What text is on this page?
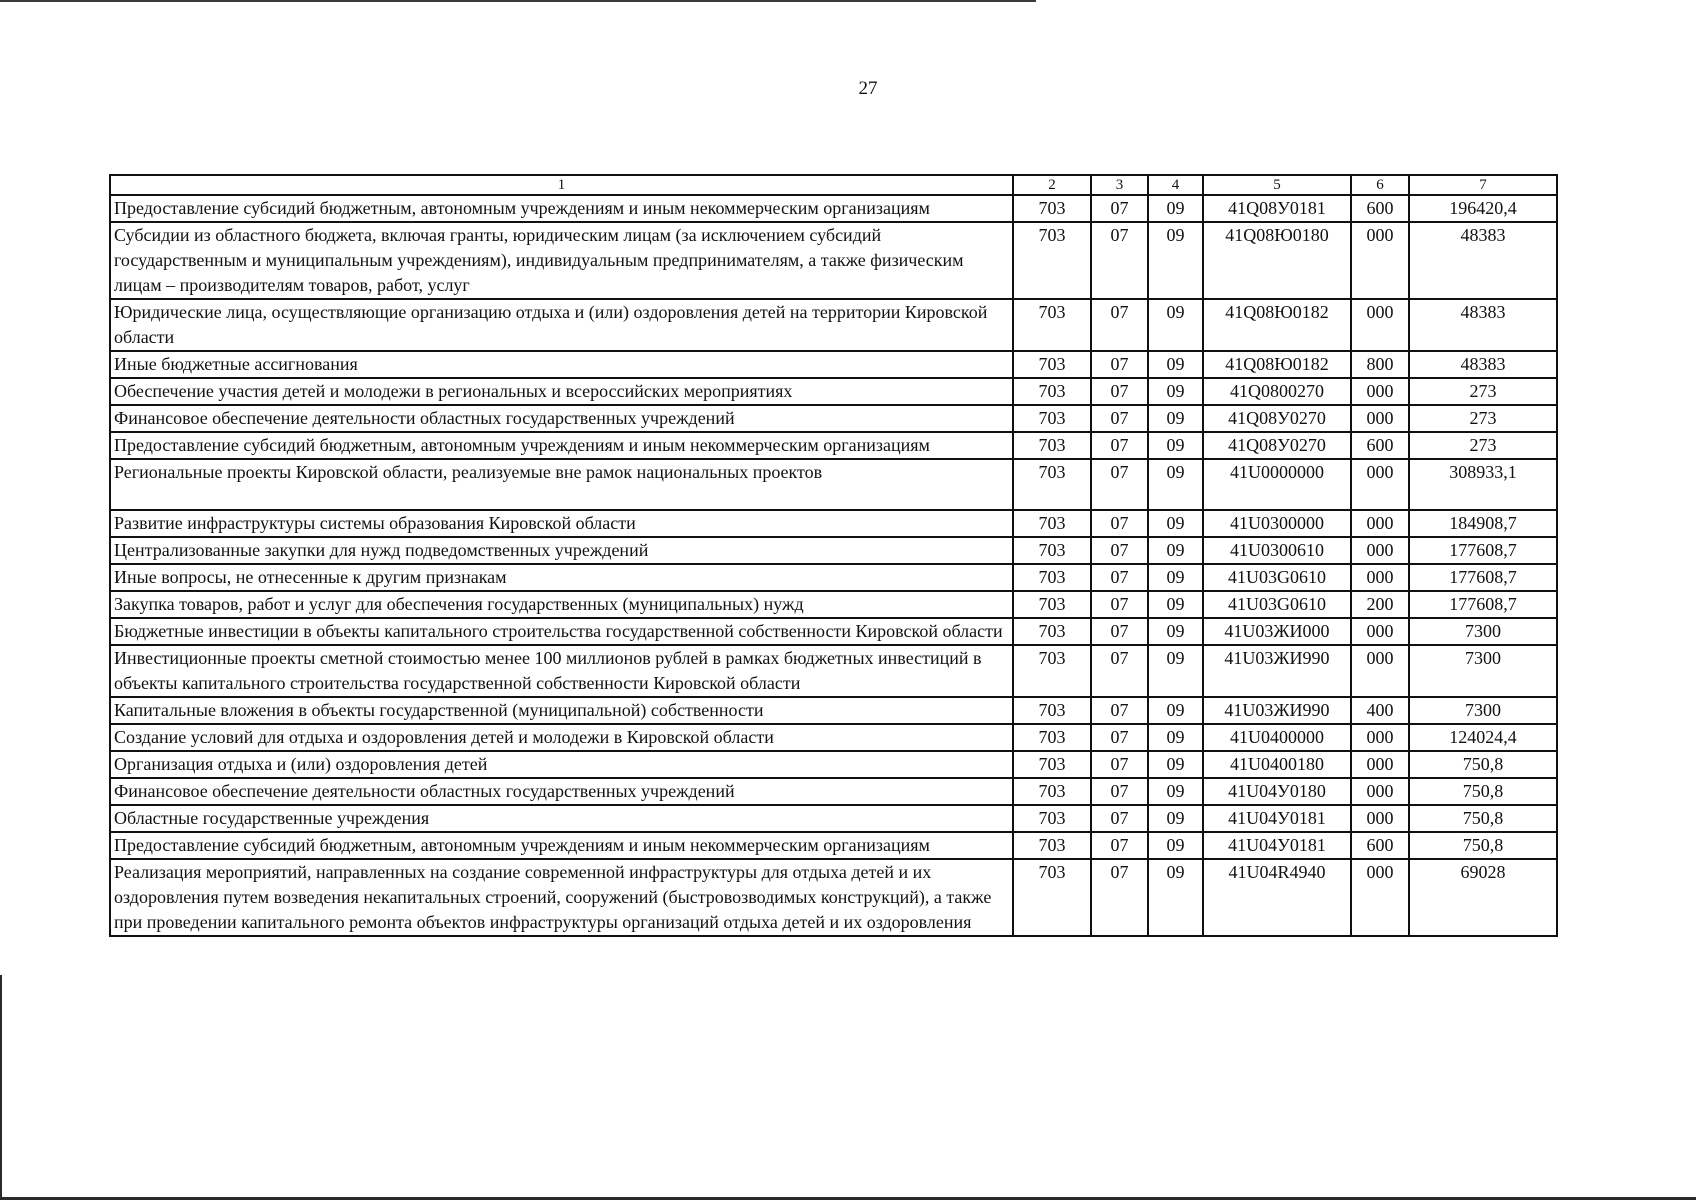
27
1	2	3	4	5	6	7
Предоставление субсидий бюджетным, автономным учреждениям и иным некоммерческим организациям	703	07	09	41Q08У0181	600	196420,4
Субсидии из областного бюджета, включая гранты, юридическим лицам (за исключением субсидий государственным и муниципальным учреждениям), индивидуальным предпринимателям, а также физическим лицам – производителям товаров, работ, услуг	703	07	09	41Q08Ю0180	000	48383
Юридические лица, осуществляющие организацию отдыха и (или) оздоровления детей на территории Кировской области	703	07	09	41Q08Ю0182	000	48383
Иные бюджетные ассигнования	703	07	09	41Q08Ю0182	800	48383
Обеспечение участия детей и молодежи в региональных и всероссийских мероприятиях	703	07	09	41Q0800270	000	273
Финансовое обеспечение деятельности областных государственных учреждений	703	07	09	41Q08У0270	000	273
Предоставление субсидий бюджетным, автономным учреждениям и иным некоммерческим организациям	703	07	09	41Q08У0270	600	273
Региональные проекты Кировской области, реализуемые вне рамок национальных проектов	703	07	09	41U0000000	000	308933,1
Развитие инфраструктуры системы образования Кировской области	703	07	09	41U0300000	000	184908,7
Централизованные закупки для нужд подведомственных учреждений	703	07	09	41U0300610	000	177608,7
Иные вопросы, не отнесенные к другим признакам	703	07	09	41U03G0610	000	177608,7
Закупка товаров, работ и услуг для обеспечения государственных (муниципальных) нужд	703	07	09	41U03G0610	200	177608,7
Бюджетные инвестиции в объекты капитального строительства государственной собственности Кировской области	703	07	09	41U03ЖИ000	000	7300
Инвестиционные проекты сметной стоимостью менее 100 миллионов рублей в рамках бюджетных инвестиций в объекты капитального строительства государственной собственности Кировской области	703	07	09	41U03ЖИ990	000	7300
Капитальные вложения в объекты государственной (муниципальной) собственности	703	07	09	41U03ЖИ990	400	7300
Создание условий для отдыха и оздоровления детей и молодежи в Кировской области	703	07	09	41U0400000	000	124024,4
Организация отдыха и (или) оздоровления детей	703	07	09	41U0400180	000	750,8
Финансовое обеспечение деятельности областных государственных учреждений	703	07	09	41U04У0180	000	750,8
Областные государственные учреждения	703	07	09	41U04У0181	000	750,8
Предоставление субсидий бюджетным, автономным учреждениям и иным некоммерческим организациям	703	07	09	41U04У0181	600	750,8
Реализация мероприятий, направленных на создание современной инфраструктуры для отдыха детей и их оздоровления путем возведения некапитальных строений, сооружений (быстровозводимых конструкций), а также при проведении капитального ремонта объектов инфраструктуры организаций отдыха детей и их оздоровления	703	07	09	41U04R4940	000	69028
